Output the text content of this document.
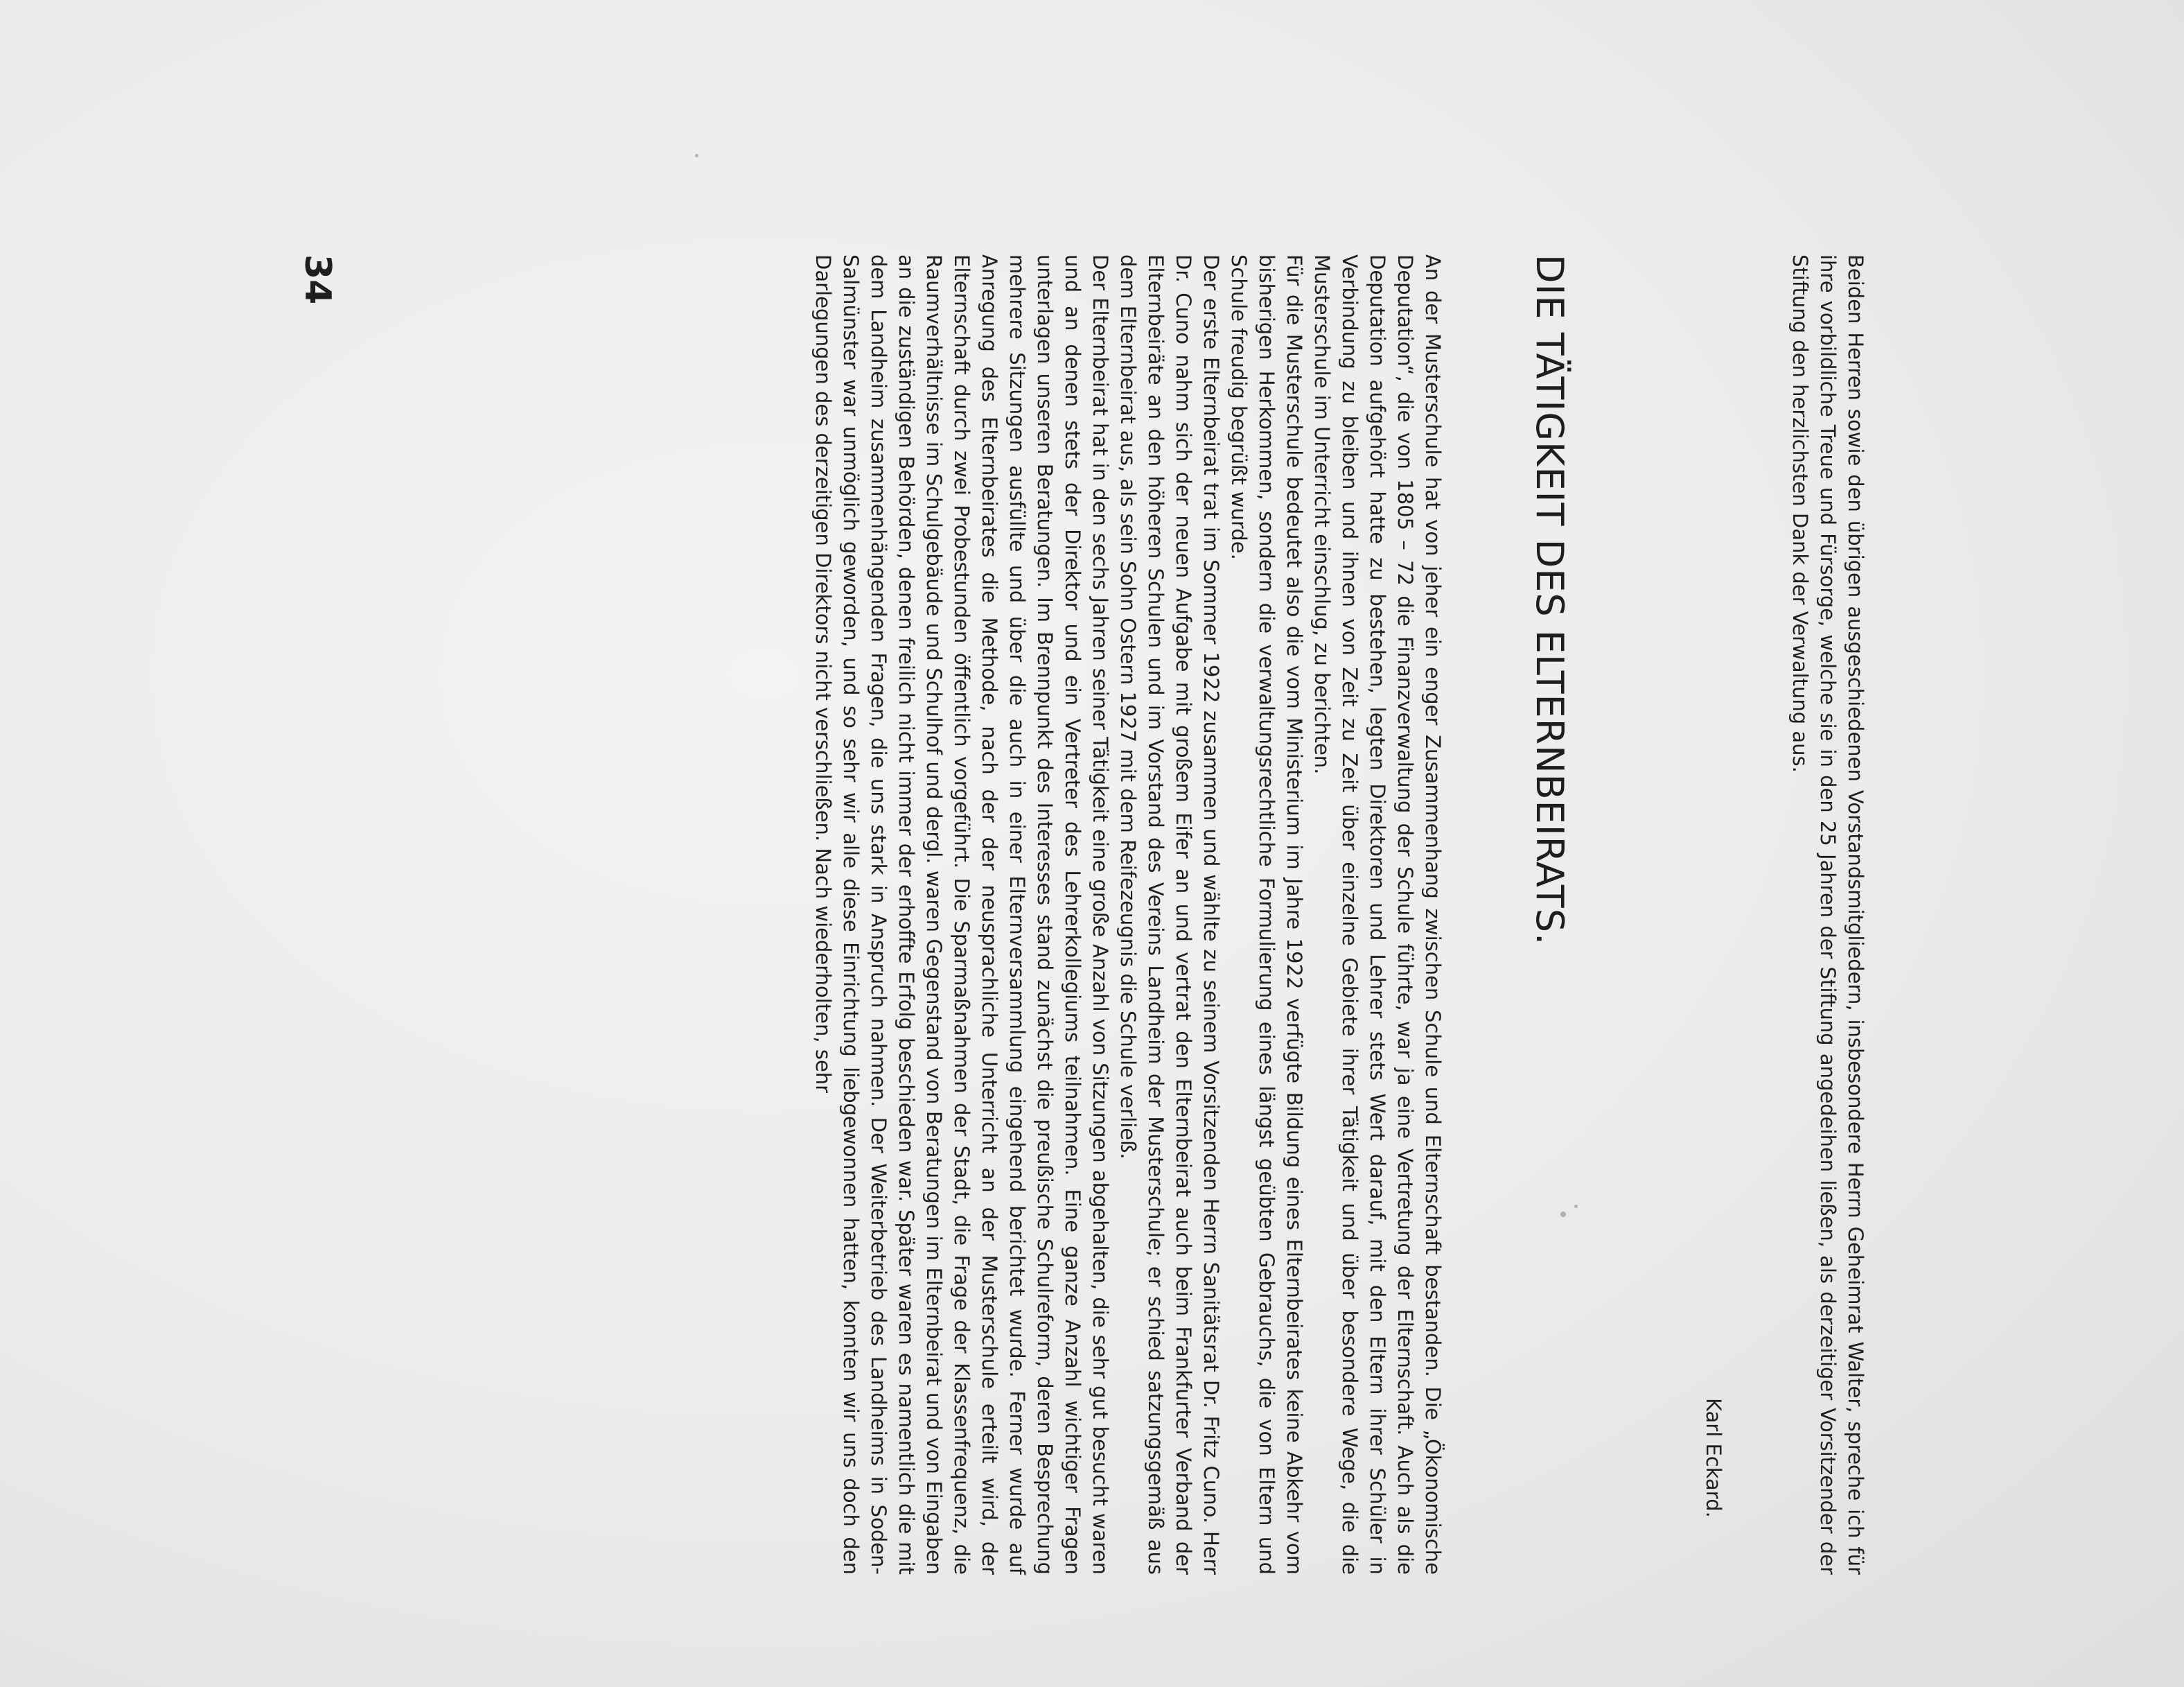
Beiden Herren sowie den übrigen ausgeschiedenen Vorstandsmitgliedern, insbesondere Herrn Geheimrat Walter, spreche ich für ihre vorbildliche Treue und Fürsorge, welche sie in den 25 Jahren der Stiftung angedeihen ließen, als derzeitiger Vorsitzender der Stiftung den herzlichsten Dank der Verwaltung aus.

Karl Eckard.
DIE TÄTIGKEIT DES ELTERNBEIRATS.

An der Musterschule hat von jeher ein enger Zusammenhang zwischen Schule und Elternschaft bestanden. Die „Ökonomische Deputation“, die von 1805 – 72 die Finanzverwaltung der Schule führte, war ja eine Vertretung der Elternschaft. Auch als die Deputation aufgehört hatte zu bestehen, legten Direktoren und Lehrer stets Wert darauf, mit den Eltern ihrer Schüler in Verbindung zu bleiben und ihnen von Zeit zu Zeit über einzelne Gebiete ihrer Tätigkeit und über besondere Wege, die die Musterschule im Unterricht einschlug, zu berichten.

Für die Musterschule bedeutet also die vom Ministerium im Jahre 1922 verfügte Bildung eines Elternbeirates keine Abkehr vom bisherigen Herkommen, sondern die verwaltungsrechtliche Formulierung eines längst geübten Gebrauchs, die von Eltern und Schule freudig begrüßt wurde.

Der erste Elternbeirat trat im Sommer 1922 zusammen und wählte zu seinem Vorsitzenden Herrn Sanitätsrat Dr. Fritz Cuno. Herr Dr. Cuno nahm sich der neuen Aufgabe mit großem Eifer an und vertrat den Elternbeirat auch beim Frankfurter Verband der Elternbeiräte an den höheren Schulen und im Vorstand des Vereins Landheim der Musterschule; er schied satzungsgemäß aus dem Elternbeirat aus, als sein Sohn Ostern 1927 mit dem Reifezeugnis die Schule verließ.

Der Elternbeirat hat in den sechs Jahren seiner Tätigkeit eine große Anzahl von Sitzungen abgehalten, die sehr gut besucht waren und an denen stets der Direktor und ein Vertreter des Lehrerkollegiums teilnahmen. Eine ganze Anzahl wichtiger Fragen unterlagen unseren Beratungen. Im Brennpunkt des Interesses stand zunächst die preußische Schulreform, deren Besprechung mehrere Sitzungen ausfüllte und über die auch in einer Elternversammlung eingehend berichtet wurde. Ferner wurde auf Anregung des Elternbeirates die Methode, nach der der neusprachliche Unterricht an der Musterschule erteilt wird, der Elternschaft durch zwei Probestunden öffentlich vorgeführt. Die Sparmaßnahmen der Stadt, die Frage der Klassenfrequenz, die Raumverhältnisse im Schulgebäude und Schulhof und dergl. waren Gegenstand von Beratungen im Elternbeirat und von Eingaben an die zuständigen Behörden, denen freilich nicht immer der erhoffte Erfolg beschieden war. Später waren es namentlich die mit dem Landheim zusammenhängenden Fragen, die uns stark in Anspruch nahmen. Der Weiterbetrieb des Landheims in Soden-Salmünster war unmöglich geworden, und so sehr wir alle diese Einrichtung liebgewonnen hatten, konnten wir uns doch den Darlegungen des derzeitigen Direktors nicht verschließen. Nach wiederholten, sehr

34
